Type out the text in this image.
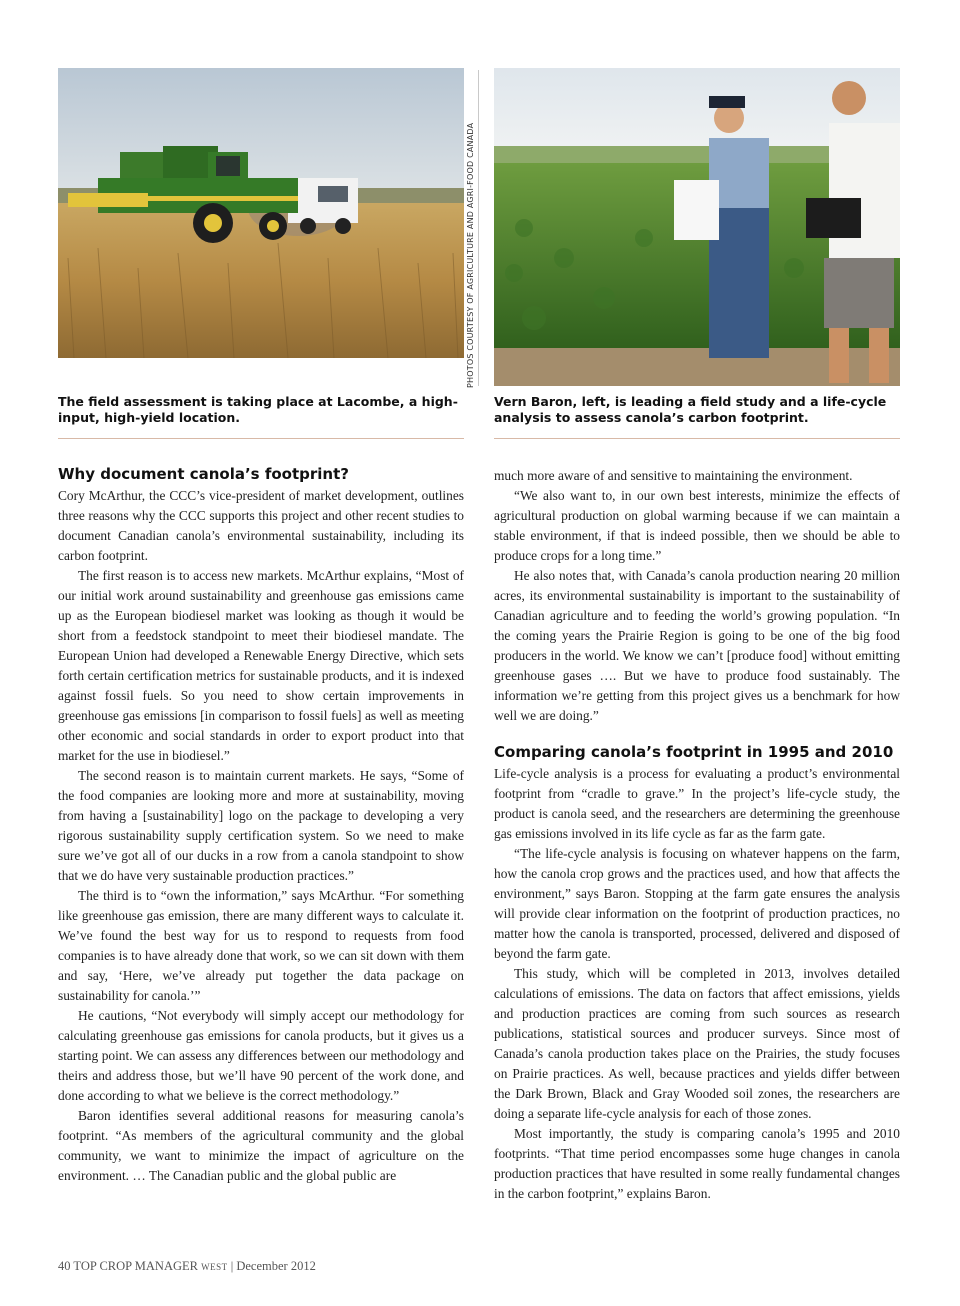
PHOTOS COURTESY OF AGRICULTURE AND AGRI-FOOD CANADA

The field assessment is taking place at Lacombe, a high-input, high-yield location.

Vern Baron, left, is leading a field study and a life-cycle analysis to assess canola’s carbon footprint.

Why document canola’s footprint?

Cory McArthur, the CCC’s vice-president of market development, outlines three reasons why the CCC supports this project and other recent studies to document Canadian canola’s environmental sustainability, including its carbon footprint.

The first reason is to access new markets. McArthur explains, “Most of our initial work around sustainability and greenhouse gas emissions came up as the European biodiesel market was looking as though it would be short from a feedstock standpoint to meet their biodiesel mandate. The European Union had developed a Renewable Energy Directive, which sets forth certain certification metrics for sustainable products, and it is indexed against fossil fuels. So you need to show certain improvements in greenhouse gas emissions [in comparison to fossil fuels] as well as meeting other economic and social standards in order to export product into that market for the use in biodiesel.”

The second reason is to maintain current markets. He says, “Some of the food companies are looking more and more at sustainability, moving from having a [sustainability] logo on the package to developing a very rigorous sustainability supply certification system. So we need to make sure we’ve got all of our ducks in a row from a canola standpoint to show that we do have very sustainable production practices.”

The third is to “own the information,” says McArthur. “For something like greenhouse gas emission, there are many different ways to calculate it. We’ve found the best way for us to respond to requests from food companies is to have already done that work, so we can sit down with them and say, ‘Here, we’ve already put together the data package on sustainability for canola.’”

He cautions, “Not everybody will simply accept our methodology for calculating greenhouse gas emissions for canola products, but it gives us a starting point. We can assess any differences between our methodology and theirs and address those, but we’ll have 90 percent of the work done, and done according to what we believe is the correct methodology.”

Baron identifies several additional reasons for measuring canola’s footprint. “As members of the agricultural community and the global community, we want to minimize the impact of agriculture on the environment. … The Canadian public and the global public are

much more aware of and sensitive to maintaining the environment.

“We also want to, in our own best interests, minimize the effects of agricultural production on global warming because if we can maintain a stable environment, if that is indeed possible, then we should be able to produce crops for a long time.”

He also notes that, with Canada’s canola production nearing 20 million acres, its environmental sustainability is important to the sustainability of Canadian agriculture and to feeding the world’s growing population. “In the coming years the Prairie Region is going to be one of the big food producers in the world. We know we can’t [produce food] without emitting greenhouse gases …. But we have to produce food sustainably. The information we’re getting from this project gives us a benchmark for how well we are doing.”

Comparing canola’s footprint in 1995 and 2010

Life-cycle analysis is a process for evaluating a product’s environmental footprint from “cradle to grave.” In the project’s life-cycle study, the product is canola seed, and the researchers are determining the greenhouse gas emissions involved in its life cycle as far as the farm gate.

“The life-cycle analysis is focusing on whatever happens on the farm, how the canola crop grows and the practices used, and how that affects the environment,” says Baron. Stopping at the farm gate ensures the analysis will provide clear information on the footprint of production practices, no matter how the canola is transported, processed, delivered and disposed of beyond the farm gate.

This study, which will be completed in 2013, involves detailed calculations of emissions. The data on factors that affect emissions, yields and production practices are coming from such sources as research publications, statistical sources and producer surveys. Since most of Canada’s canola production takes place on the Prairies, the study focuses on Prairie practices. As well, because practices and yields differ between the Dark Brown, Black and Gray Wooded soil zones, the researchers are doing a separate life-cycle analysis for each of those zones.

Most importantly, the study is comparing canola’s 1995 and 2010 footprints. “That time period encompasses some huge changes in canola production practices that have resulted in some really fundamental changes in the carbon footprint,” explains Baron.

40 TOP CROP MANAGER WEST | December 2012
